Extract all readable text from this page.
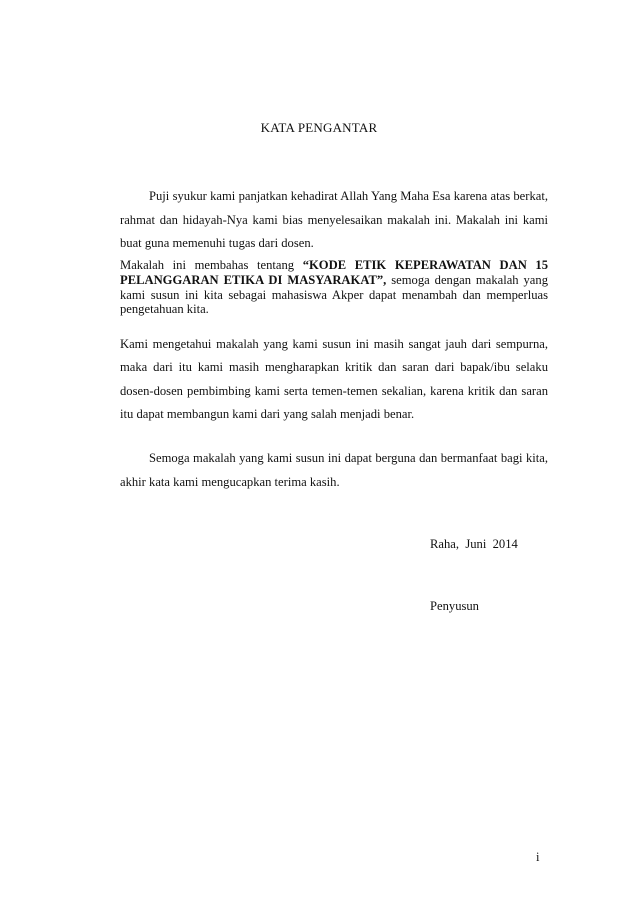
KATA PENGANTAR

Puji syukur kami panjatkan kehadirat Allah Yang Maha Esa karena atas berkat, rahmat dan hidayah-Nya kami bias menyelesaikan makalah ini. Makalah ini kami buat guna memenuhi tugas dari dosen.

Makalah ini membahas tentang “KODE ETIK KEPERAWATAN DAN 15 PELANGGARAN ETIKA DI MASYARAKAT”, semoga dengan makalah yang kami susun ini kita sebagai mahasiswa Akper dapat menambah dan memperluas pengetahuan kita.

Kami mengetahui makalah yang kami susun ini masih sangat jauh dari sempurna, maka dari itu kami masih mengharapkan kritik dan saran dari bapak/ibu selaku dosen-dosen pembimbing kami serta temen-temen sekalian, karena kritik dan saran itu dapat membangun kami dari yang salah menjadi benar.

Semoga makalah yang kami susun ini dapat berguna dan bermanfaat bagi kita, akhir kata kami mengucapkan terima kasih.

Raha,  Juni  2014
Penyusun
i
